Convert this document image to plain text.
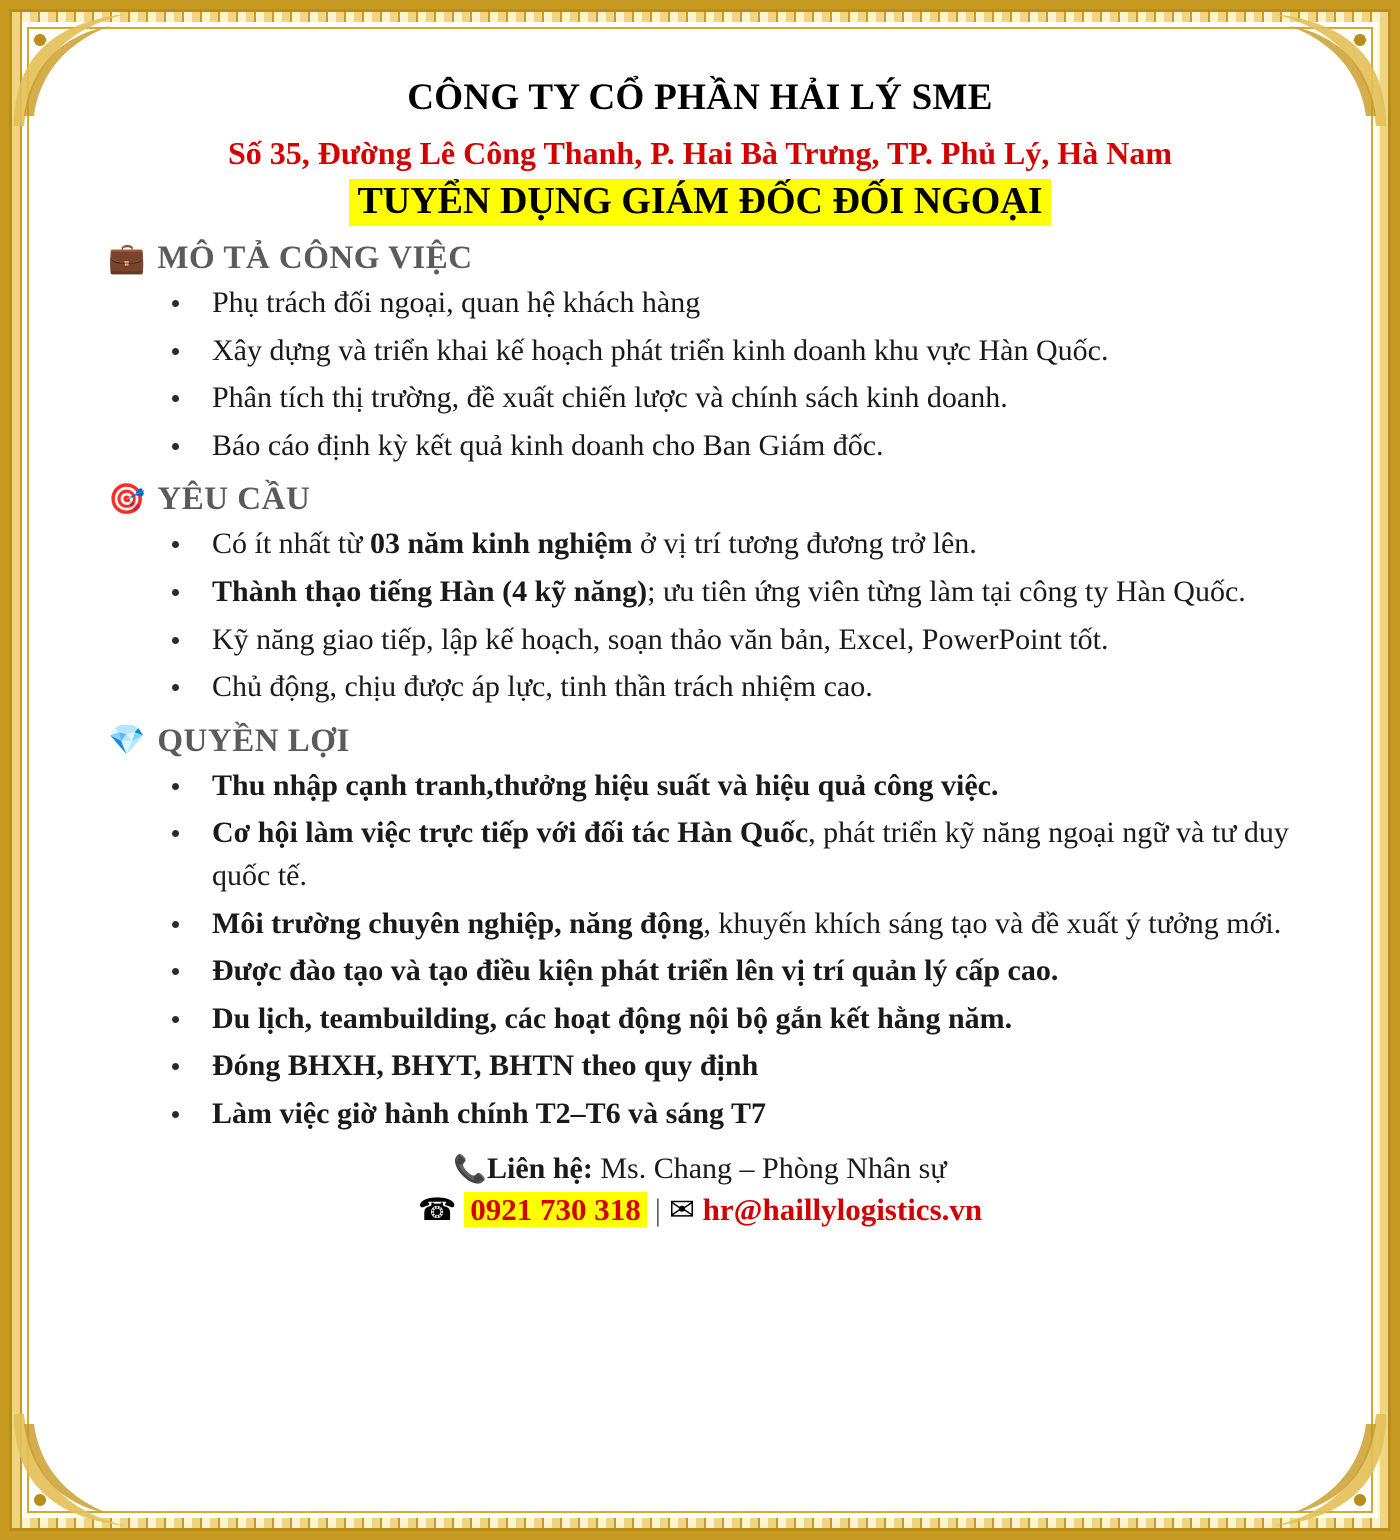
CÔNG TY CỔ PHẦN HẢI LÝ SME
Số 35, Đường Lê Công Thanh, P. Hai Bà Trưng, TP. Phủ Lý, Hà Nam
TUYỂN DỤNG GIÁM ĐỐC ĐỐI NGOẠI
💼 MÔ TẢ CÔNG VIỆC
Phụ trách đối ngoại, quan hệ khách hàng
Xây dựng và triển khai kế hoạch phát triển kinh doanh khu vực Hàn Quốc.
Phân tích thị trường, đề xuất chiến lược và chính sách kinh doanh.
Báo cáo định kỳ kết quả kinh doanh cho Ban Giám đốc.
🎯 YÊU CẦU
Có ít nhất từ 03 năm kinh nghiệm ở vị trí tương đương trở lên.
Thành thạo tiếng Hàn (4 kỹ năng); ưu tiên ứng viên từng làm tại công ty Hàn Quốc.
Kỹ năng giao tiếp, lập kế hoạch, soạn thảo văn bản, Excel, PowerPoint tốt.
Chủ động, chịu được áp lực, tinh thần trách nhiệm cao.
💎 QUYỀN LỢI
Thu nhập cạnh tranh,thưởng hiệu suất và hiệu quả công việc.
Cơ hội làm việc trực tiếp với đối tác Hàn Quốc, phát triển kỹ năng ngoại ngữ và tư duy quốc tế.
Môi trường chuyên nghiệp, năng động, khuyến khích sáng tạo và đề xuất ý tưởng mới.
Được đào tạo và tạo điều kiện phát triển lên vị trí quản lý cấp cao.
Du lịch, teambuilding, các hoạt động nội bộ gắn kết hằng năm.
Đóng BHXH, BHYT, BHTN theo quy định
Làm việc giờ hành chính T2–T6 và sáng T7
📞Liên hệ: Ms. Chang – Phòng Nhân sự
☎ 0921 730 318 | ✉ hr@haillylogistics.vn
